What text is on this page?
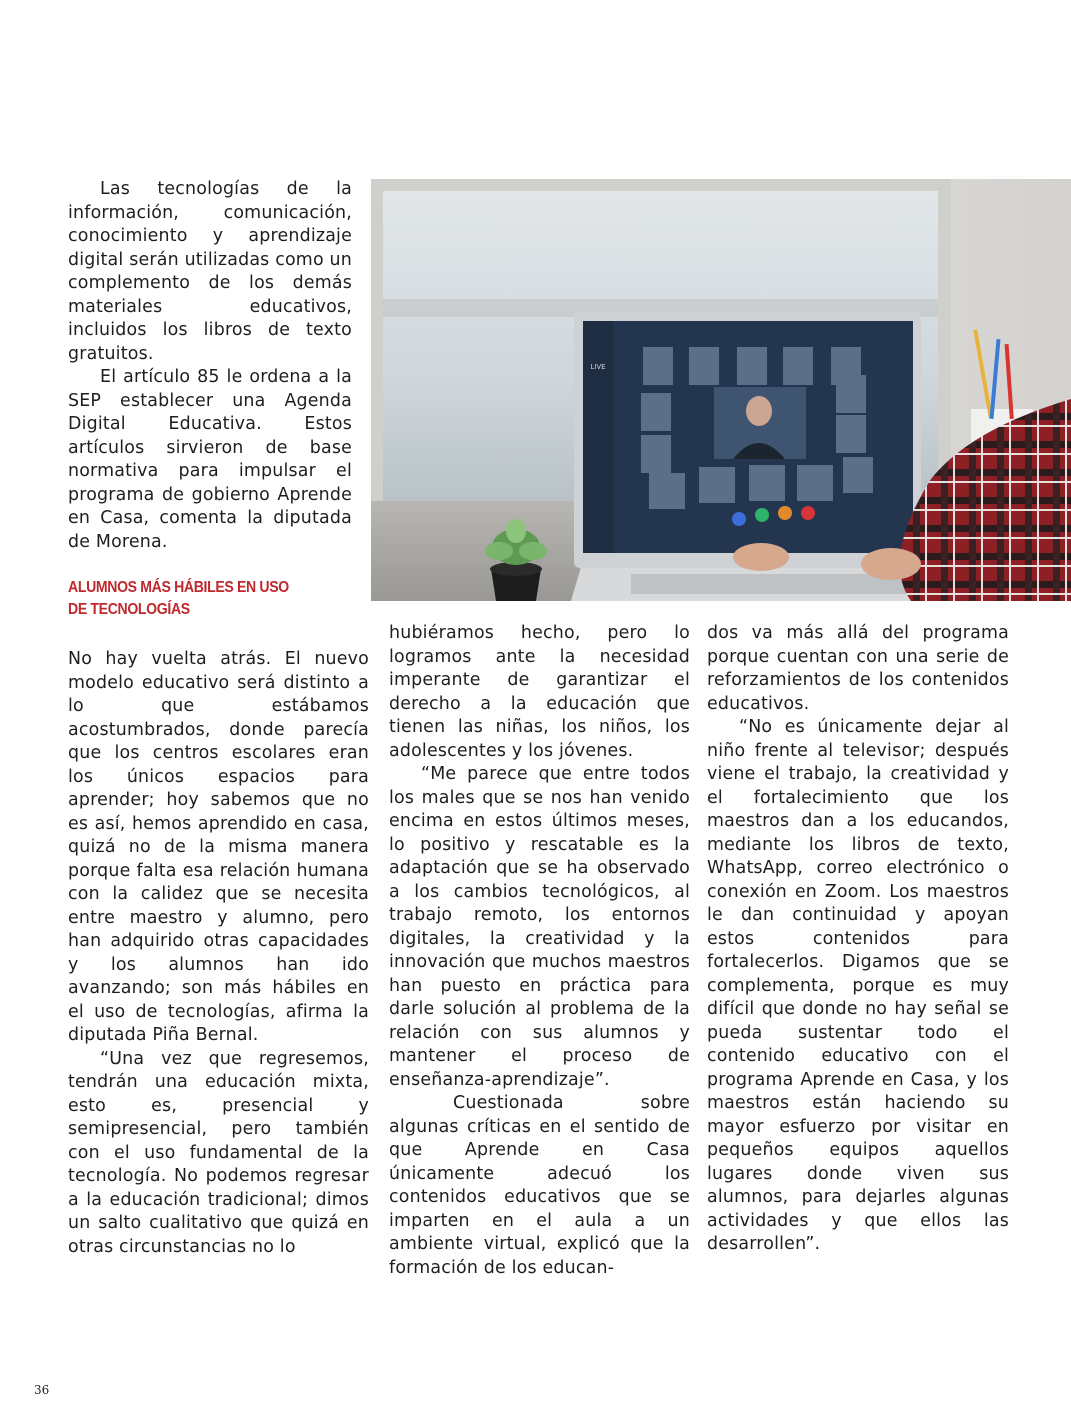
Las tecnologías de la información, comunicación, conocimiento y aprendizaje digital serán utilizadas como un complemento de los demás materiales educativos, incluidos los libros de texto gratuitos.

El artículo 85 le ordena a la SEP establecer una Agenda Digital Educativa. Estos artículos sirvieron de base normativa para impulsar el programa de gobierno Aprende en Casa, comenta la diputada de Morena.

ALUMNOS MÁS HÁBILES EN USO
DE TECNOLOGÍAS
LIVE

No hay vuelta atrás. El nuevo modelo educativo será distinto a lo que estábamos acostumbrados, donde parecía que los centros escolares eran los únicos espacios para aprender; hoy sabemos que no es así, hemos aprendido en casa, quizá no de la misma manera porque falta esa relación humana con la calidez que se necesita entre maestro y alumno, pero han adquirido otras capacidades y los alumnos han ido avanzando; son más hábiles en el uso de tecnologías, afirma la diputada Piña Bernal.

“Una vez que regresemos, tendrán una educación mixta, esto es, presencial y semipresencial, pero también con el uso fundamental de la tecnología. No podemos regresar a la educación tradicional; dimos un salto cualitativo que quizá en otras circunstancias no lo

hubiéramos hecho, pero lo logramos ante la necesidad imperante de garantizar el derecho a la educación que tienen las niñas, los niños, los adolescentes y los jóvenes.

“Me parece que entre todos los males que se nos han venido encima en estos últimos meses, lo positivo y rescatable es la adaptación que se ha observado a los cambios tecnológicos, al trabajo remoto, los entornos digitales, la creatividad y la innovación que muchos maestros han puesto en práctica para darle solución al problema de la relación con sus alumnos y mantener el proceso de enseñanza-aprendizaje”.

Cuestionada sobre algunas críticas en el sentido de que Aprende en Casa únicamente adecuó los contenidos educativos que se imparten en el aula a un ambiente virtual, explicó que la formación de los educan-

dos va más allá del programa porque cuentan con una serie de reforzamientos de los contenidos educativos.

“No es únicamente dejar al niño frente al televisor; después viene el trabajo, la creatividad y el fortalecimiento que los maestros dan a los educandos, mediante los libros de texto, WhatsApp, correo electrónico o conexión en Zoom. Los maestros le dan continuidad y apoyan estos contenidos para fortalecerlos. Digamos que se complementa, porque es muy difícil que donde no hay señal se pueda sustentar todo el contenido educativo con el programa Aprende en Casa, y los maestros están haciendo su mayor esfuerzo por visitar en pequeños equipos aquellos lugares donde viven sus alumnos, para dejarles algunas actividades y que ellos las desarrollen”.

36
